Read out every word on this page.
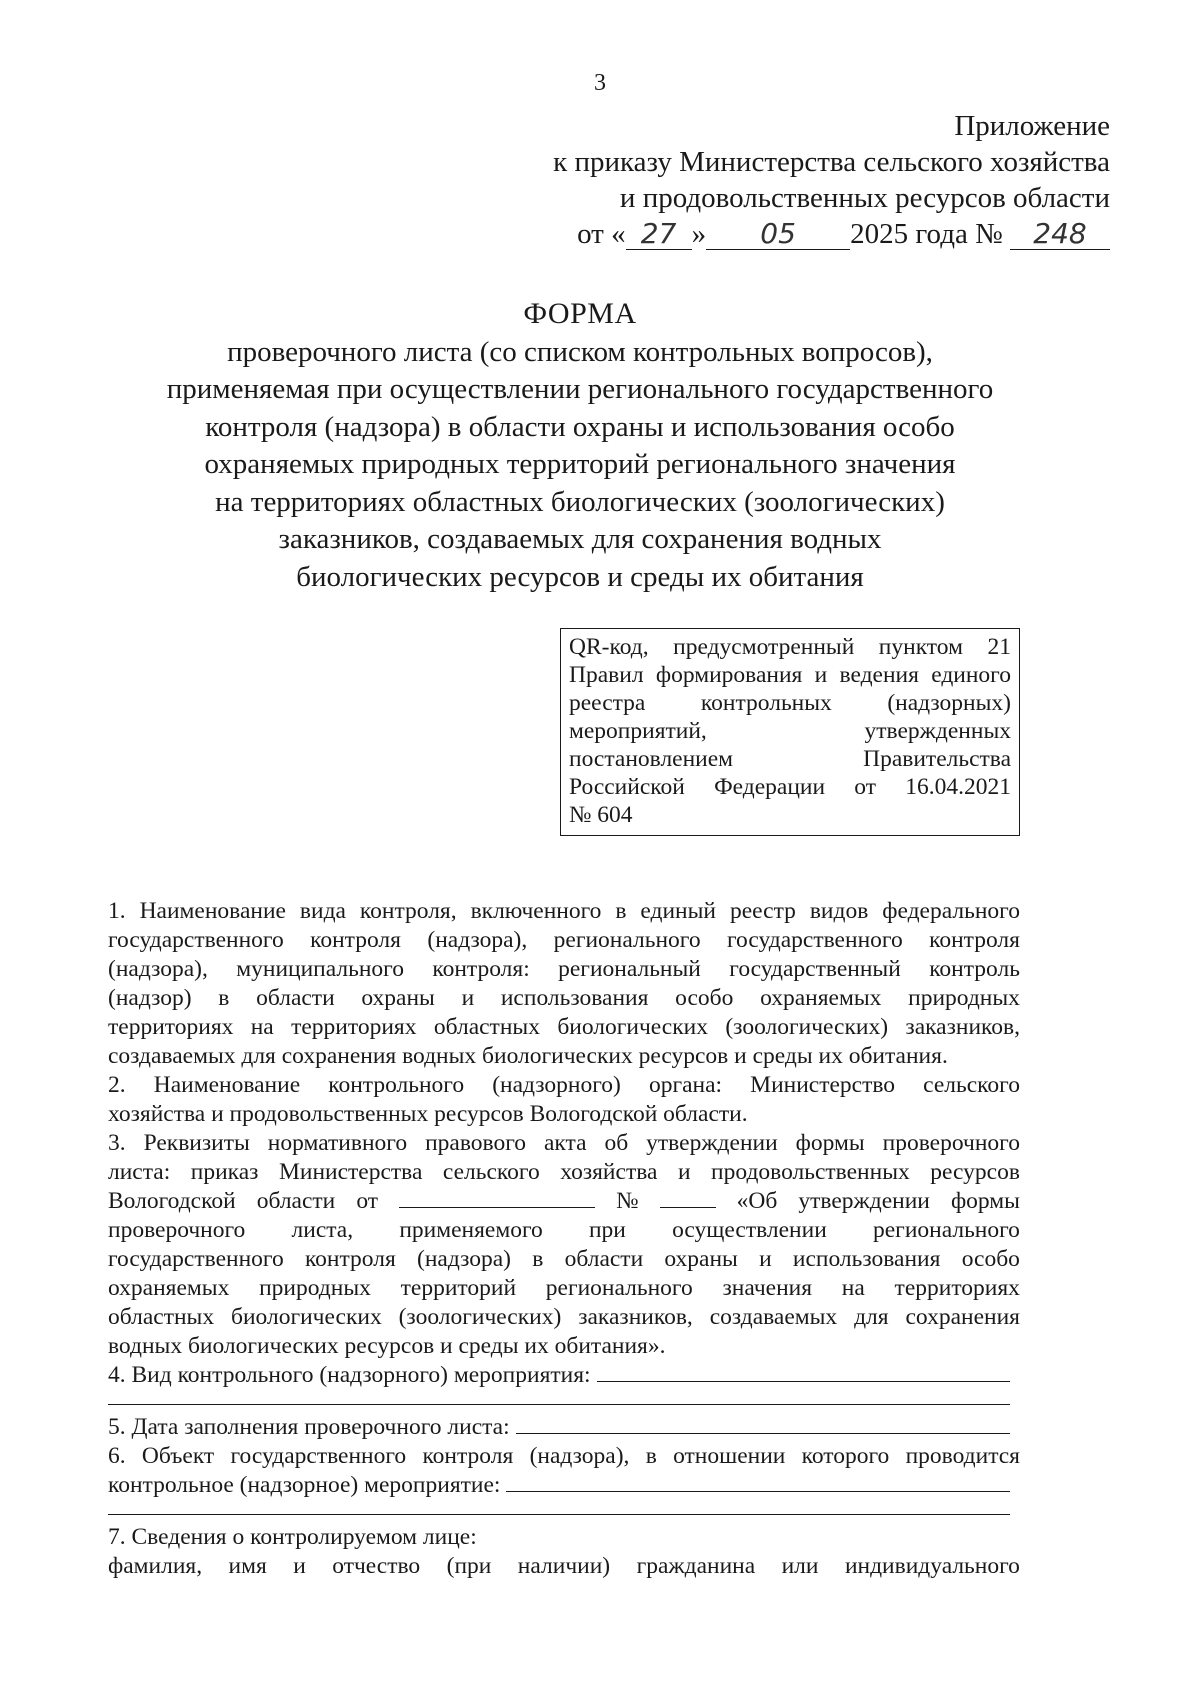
3
Приложение
к приказу Министерства сельского хозяйства
и продовольственных ресурсов области
от « 27 » 05 2025 года № 248
ФОРМА
проверочного листа (со списком контрольных вопросов),
применяемая при осуществлении регионального государственного
контроля (надзора) в области охраны и использования особо
охраняемых природных территорий регионального значения
на территориях областных биологических (зоологических)
заказников, создаваемых для сохранения водных
биологических ресурсов и среды их обитания
QR-код, предусмотренный пунктом 21
Правил формирования и ведения единого
реестра контрольных (надзорных)
мероприятий,	утвержденных
постановлением	Правительства
Российской Федерации от 16.04.2021
№ 604
1. Наименование вида контроля, включенного в единый реестр видов федерального
государственного контроля (надзора), регионального государственного контроля
(надзора), муниципального контроля: региональный государственный контроль
(надзор) в области охраны и использования особо охраняемых природных
территориях на территориях областных биологических (зоологических) заказников,
создаваемых для сохранения водных биологических ресурсов и среды их обитания.
2. Наименование контрольного (надзорного) органа: Министерство сельского
хозяйства и продовольственных ресурсов Вологодской области.
3. Реквизиты нормативного правового акта об утверждении формы проверочного
листа: приказ Министерства сельского хозяйства и продовольственных ресурсов
Вологодской области от	№	«Об утверждении формы
проверочного листа, применяемого при осуществлении регионального
государственного контроля (надзора) в области охраны и использования особо
охраняемых природных территорий регионального значения на территориях
областных биологических (зоологических) заказников, создаваемых для сохранения
водных биологических ресурсов и среды их обитания».
4. Вид контрольного (надзорного) мероприятия:
5. Дата заполнения проверочного листа:
6. Объект государственного контроля (надзора), в отношении которого проводится
контрольное (надзорное) мероприятие:
7. Сведения о контролируемом лице:
фамилия, имя и отчество (при наличии) гражданина или индивидуального
